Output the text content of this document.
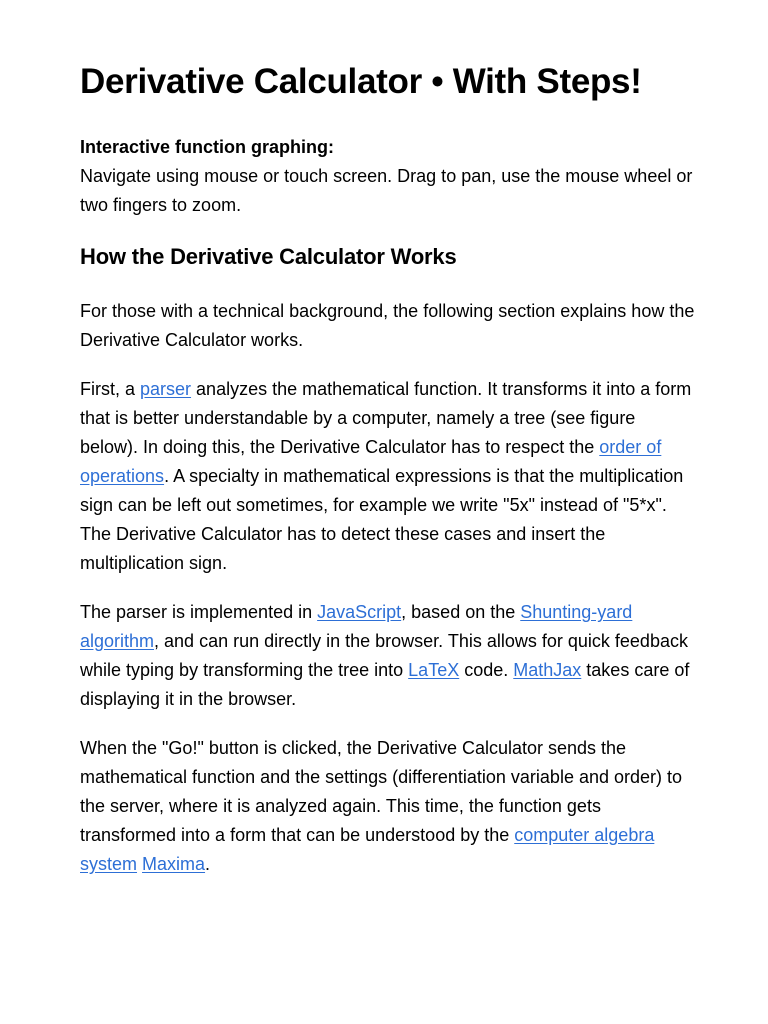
Derivative Calculator • With Steps!
Interactive function graphing:
Navigate using mouse or touch screen. Drag to pan, use the mouse wheel or two fingers to zoom.
How the Derivative Calculator Works

For those with a technical background, the following section explains how the Derivative Calculator works.

First, a parser analyzes the mathematical function. It transforms it into a form that is better understandable by a computer, namely a tree (see figure below). In doing this, the Derivative Calculator has to respect the order of operations. A specialty in mathematical expressions is that the multiplication sign can be left out sometimes, for example we write "5x" instead of "5*x". The Derivative Calculator has to detect these cases and insert the multiplication sign.

The parser is implemented in JavaScript, based on the Shunting-yard algorithm, and can run directly in the browser. This allows for quick feedback while typing by transforming the tree into LaTeX code. MathJax takes care of displaying it in the browser.

When the "Go!" button is clicked, the Derivative Calculator sends the mathematical function and the settings (differentiation variable and order) to the server, where it is analyzed again. This time, the function gets transformed into a form that can be understood by the computer algebra system Maxima.
